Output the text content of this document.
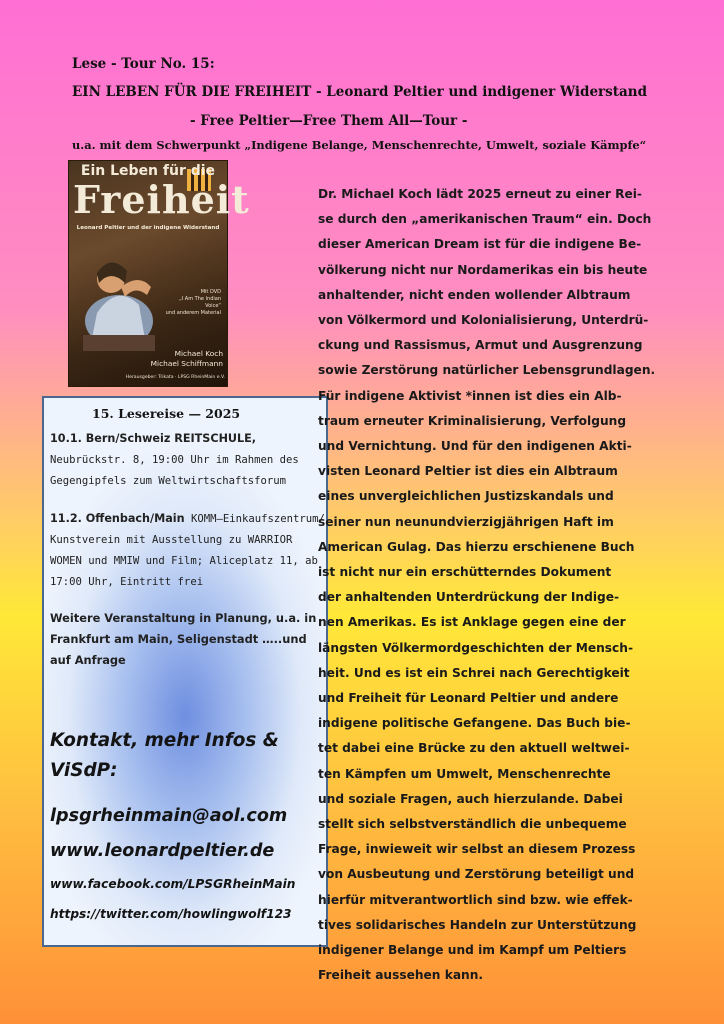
Lese - Tour No. 15:
EIN LEBEN FÜR DIE FREIHEIT - Leonard Peltier und indigener Widerstand
- Free Peltier—Free Them All—Tour -
u.a. mit dem Schwerpunkt „Indigene Belange, Menschenrechte, Umwelt, soziale Kämpfe“
Ein Leben für die
Freiheit
Leonard Peltier und der indigene Widerstand
Mit DVD
„I Am The Indian Voice“
und anderem Material
Michael Koch
Michael Schiffmann
Herausgeber: Trikata · LPSG RheinMain e.V.
15. Lesereise — 2025
10.1. Bern/Schweiz REITSCHULE, Neubrückstr. 8, 19:00 Uhr im Rahmen des Gegengipfels zum Weltwirtschaftsforum
11.2. Offenbach/Main KOMM—Einkaufszentrum/ Kunstverein mit Ausstellung zu WARRIOR WOMEN und MMIW und Film; Aliceplatz 11, ab 17:00 Uhr, Eintritt frei
Weitere Veranstaltung in Planung, u.a. in Frankfurt am Main, Seligenstadt …..und auf Anfrage
Kontakt, mehr Infos &
ViSdP:
lpsgrheinmain@aol.com
www.leonardpeltier.de
www.facebook.com/LPSGRheinMain
https://twitter.com/howlingwolf123
Dr. Michael Koch lädt 2025 erneut zu einer Rei-
se durch den „amerikanischen Traum“ ein. Doch
dieser American Dream ist für die indigene Be-
völkerung nicht nur Nordamerikas ein bis heute
anhaltender, nicht enden wollender Albtraum
von Völkermord und Kolonialisierung, Unterdrü-
ckung und Rassismus, Armut und Ausgrenzung
sowie Zerstörung natürlicher Lebensgrundlagen.
Für indigene Aktivist *innen ist dies ein Alb-
traum erneuter Kriminalisierung, Verfolgung
und Vernichtung. Und für den indigenen Akti-
visten Leonard Peltier ist dies ein Albtraum
eines unvergleichlichen Justizskandals und
seiner nun neunundvierzigjährigen Haft im
American Gulag. Das hierzu erschienene Buch
ist nicht nur ein erschütterndes Dokument
der anhaltenden Unterdrückung der Indige-
nen Amerikas. Es ist Anklage gegen eine der
längsten Völkermordgeschichten der Mensch-
heit. Und es ist ein Schrei nach Gerechtigkeit
und Freiheit für Leonard Peltier und andere
indigene politische Gefangene. Das Buch bie-
tet dabei eine Brücke zu den aktuell weltwei-
ten Kämpfen um Umwelt, Menschenrechte
und soziale Fragen, auch hierzulande. Dabei
stellt sich selbstverständlich die unbequeme
Frage, inwieweit wir selbst an diesem Prozess
von Ausbeutung und Zerstörung beteiligt und
hierfür mitverantwortlich sind bzw. wie effek-
tives solidarisches Handeln zur Unterstützung
indigener Belange und im Kampf um Peltiers
Freiheit aussehen kann.
